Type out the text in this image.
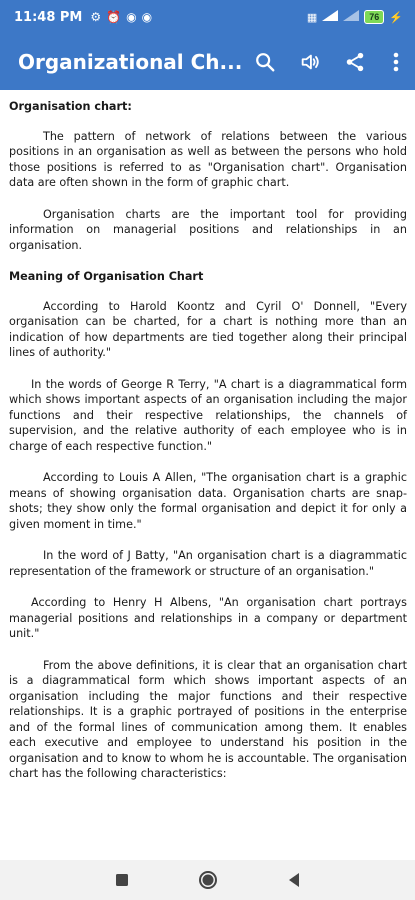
11:48 PM ⚙ ⏰ ◉ ◉	▦	76 ⚡
Organizational Ch...
Organisation chart:

The pattern of network of relations between the various positions in an organisation as well as between the persons who hold those positions is referred to as "Organisation chart". Organisation data are often shown in the form of graphic chart.

Organisation charts are the important tool for providing information on managerial positions and relationships in an organisation.

Meaning of Organisation Chart

According to Harold Koontz and Cyril O' Donnell, "Every organisation can be charted, for a chart is nothing more than an indication of how departments are tied together along their principal lines of authority."

In the words of George R Terry, "A chart is a diagrammatical form which shows important aspects of an organisation including the major functions and their respective relationships, the channels of supervision, and the relative authority of each employee who is in charge of each respective function."

According to Louis A Allen, "The organisation chart is a graphic means of showing organisation data. Organisation charts are snap-shots; they show only the formal organisation and depict it for only a given moment in time."

In the word of J Batty, "An organisation chart is a diagrammatic representation of the framework or structure of an organisation."

According to Henry H Albens, "An organisation chart portrays managerial positions and relationships in a company or department unit."

From the above definitions, it is clear that an organisation chart is a diagrammatical form which shows important aspects of an organisation including the major functions and their respective relationships. It is a graphic portrayed of positions in the enterprise and of the formal lines of communication among them. It enables each executive and employee to understand his position in the organisation and to know to whom he is accountable. The organisation chart has the following characteristics:
